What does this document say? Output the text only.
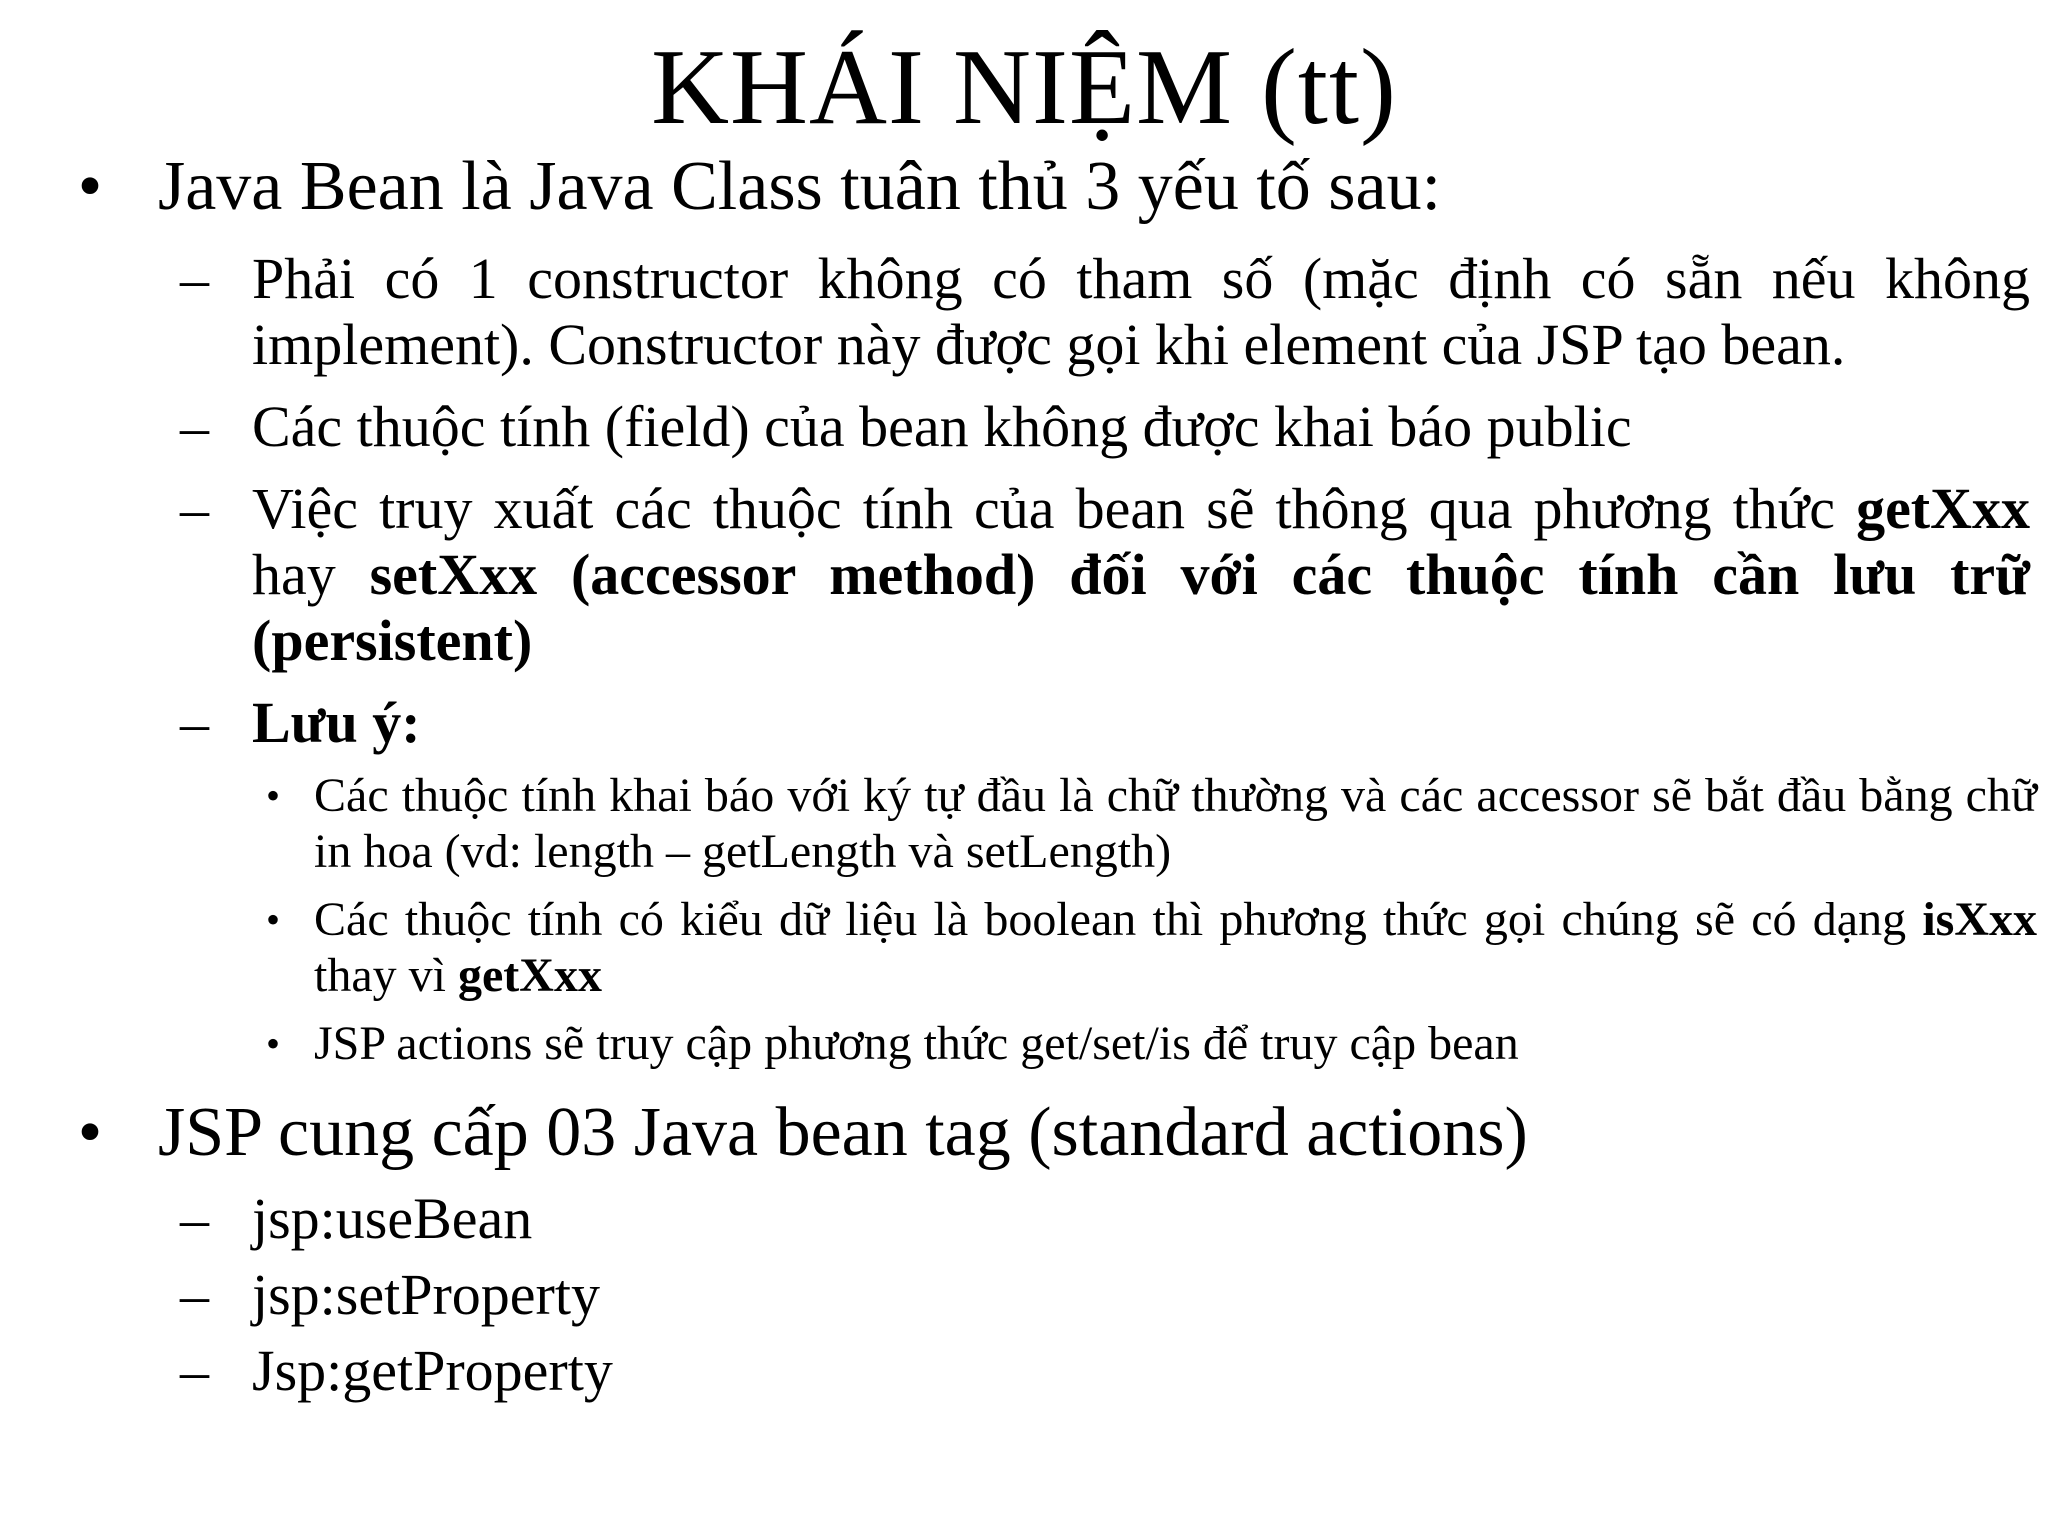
KHÁI NIỆM (tt)
• Java Bean là Java Class tuân thủ 3 yếu tố sau:
– Phải có 1 constructor không có tham số (mặc định có sẵn nếu không implement). Constructor này được gọi khi element của JSP tạo bean.
– Các thuộc tính (field) của bean không được khai báo public
– Việc truy xuất các thuộc tính của bean sẽ thông qua phương thức getXxx hay setXxx (accessor method) đối với các thuộc tính cần lưu trữ (persistent)
– Lưu ý:
• Các thuộc tính khai báo với ký tự đầu là chữ thường và các accessor sẽ bắt đầu bằng chữ in hoa (vd: length – getLength và setLength)
• Các thuộc tính có kiểu dữ liệu là boolean thì phương thức gọi chúng sẽ có dạng isXxx thay vì getXxx
• JSP actions sẽ truy cập phương thức get/set/is để truy cập bean
• JSP cung cấp 03 Java bean tag (standard actions)
– jsp:useBean
– jsp:setProperty
– Jsp:getProperty
